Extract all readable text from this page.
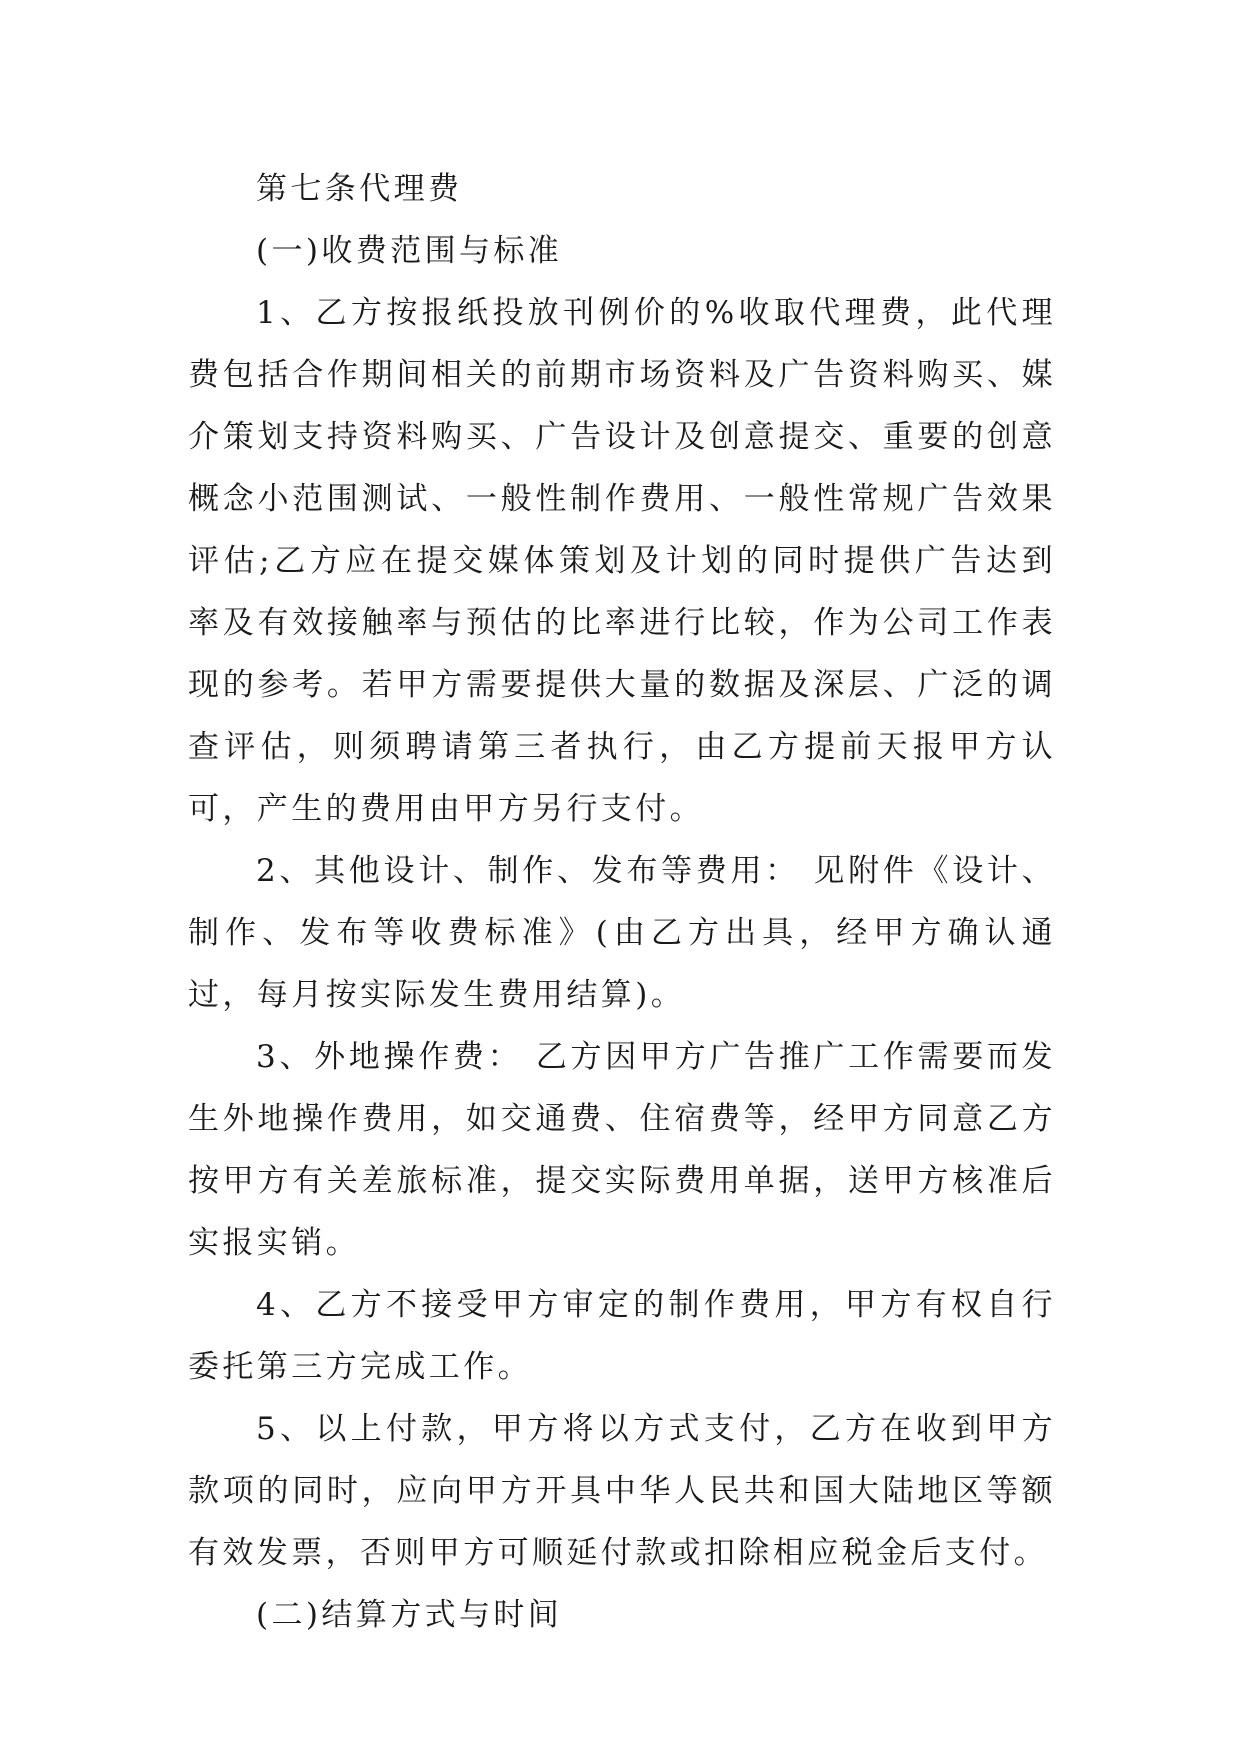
第七条代理费

(一)收费范围与标准

1、乙方按报纸投放刊例价的%收取代理费，此代理费包括合作期间相关的前期市场资料及广告资料购买、媒介策划支持资料购买、广告设计及创意提交、重要的创意概念小范围测试、一般性制作费用、一般性常规广告效果评估;乙方应在提交媒体策划及计划的同时提供广告达到率及有效接触率与预估的比率进行比较，作为公司工作表现的参考。若甲方需要提供大量的数据及深层、广泛的调查评估，则须聘请第三者执行，由乙方提前天报甲方认可，产生的费用由甲方另行支付。

2、其他设计、制作、发布等费用： 见附件《设计、制作、发布等收费标准》(由乙方出具，经甲方确认通过，每月按实际发生费用结算)。

3、外地操作费： 乙方因甲方广告推广工作需要而发生外地操作费用，如交通费、住宿费等，经甲方同意乙方按甲方有关差旅标准，提交实际费用单据，送甲方核准后实报实销。

4、乙方不接受甲方审定的制作费用，甲方有权自行委托第三方完成工作。

5、以上付款，甲方将以方式支付，乙方在收到甲方款项的同时，应向甲方开具中华人民共和国大陆地区等额有效发票，否则甲方可顺延付款或扣除相应税金后支付。

(二)结算方式与时间
